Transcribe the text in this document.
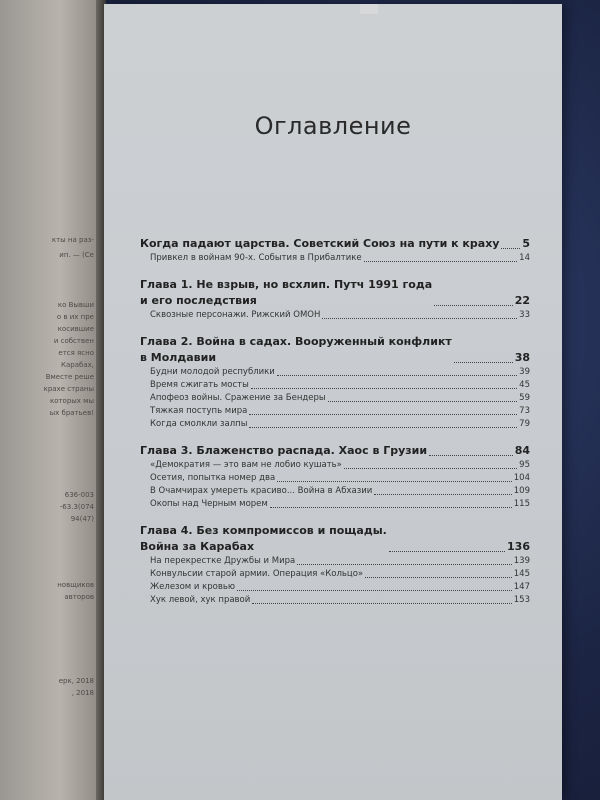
кты на раз-
ип. — (Се
ко Вывши
о в их пре
косившие
и собствен
ется ясно
Карабах,
Вместе реше
крахе страны
которых мы
ых братьев!
636-003
-63.3(074
94(47)
новщиков
авторов
ерк, 2018
, 2018
Оглавление
Когда падают царства. Советский Союз на пути к краху 5
Привкел в войнам 90-х. События в Прибалтике	14
Глава 1. Не взрыв, но всхлип. Путч 1991 года
и его последствия	22
Сквозные персонажи. Рижский ОМОН	33
Глава 2. Война в садах. Вооруженный конфликт
в Молдавии	38
Будни молодой республики	39
Время сжигать мосты	45
Апофеоз войны. Сражение за Бендеры	59
Тяжкая поступь мира	73
Когда смолкли залпы	79
Глава 3. Блаженство распада. Хаос в Грузии	84
«Демократия — это вам не лобио кушать»	95
Осетия, попытка номер два	104
В Очамчирах умереть красиво... Война в Абхазии	109
Окопы над Черным морем	115
Глава 4. Без компромиссов и пощады.
Война за Карабах	136
На перекрестке Дружбы и Мира	139
Конвульсии старой армии. Операция «Кольцо»	145
Железом и кровью	147
Хук левой, хук правой	153
